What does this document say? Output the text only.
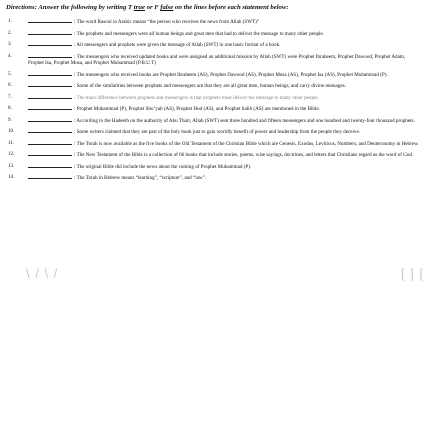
Directions: Answer the following by writing T true or F false on the lines before each statement below:

1.	: The word Rasool in Arabic means “the person who receives the news from Allah (SWT)”
2.	: The prophets and messengers were all human beings and great men that had to deliver the message to many other people.
3.	: All messengers and prophets were given the message of Allah (SWT) in one basic format of a book.
4.	: The messengers who received updated books and were assigned an additional mission by Allah (SWT) were Prophet Ibraheem, Prophet Dawood, Prophet Adam, Prophet Isa, Prophet Musa, and Prophet Muhammad (P.B.U.T)
5.	: The messengers who received books are Prophet Ibraheem (AS), Prophet Dawood (AS), Prophet Musa (AS), Prophet Isa (AS), Prophet Muhammad (P).
6.	: Some of the similarities between prophets and messengers are that they are all great men, human beings, and carry divine messages.
7.	: The main difference between prophets and messengers is that prophets must deliver the message to many other people.
8.	: Prophet Muhammad (P), Prophet Shu’yab (AS), Prophet Hud (AS), and Prophet Salih (AS) are mentioned in the Bible.
9.	: According to the Hadeeth on the authority of Abu Tharr, Allah (SWT) sent three hundred and fifteen messengers and one hundred and twenty-four thousand prophets.
10.	: Some writers claimed that they are part of the holy book just to gain worldly benefit of power and leadership from the people they deceive.
11.	: The Torah is now available as the five books of the Old Testament of the Christian Bible which are Genesis, Exodus, Leviticus, Numbers, and Deuteronomy in Hebrew.
12.	: The New Testament of the Bible is a collection of 66 books that include stories, poems, wise sayings, doctrines, and letters that Christians regard as the word of God.
13.	: The original Bible did include the news about the coming of Prophet Muhammad (P).
14.	: The Torah in Hebrew means “learning”, “scripture”, and “law”.
\ / \ /	[ ] [
